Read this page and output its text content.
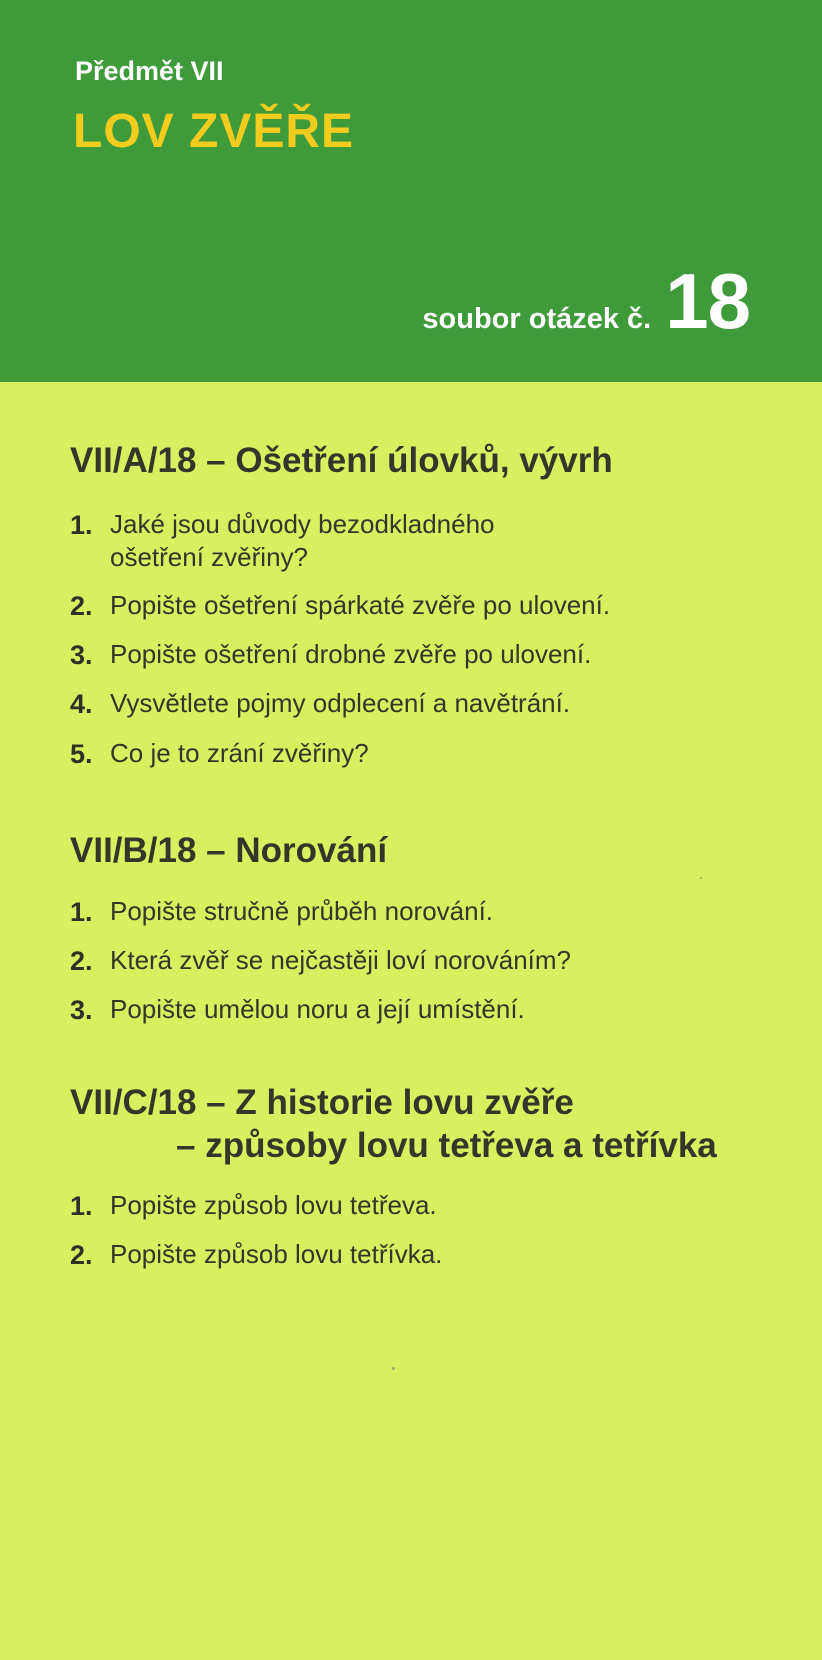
Předmět VII
LOV ZVĚŘE
soubor otázek č. 18
VII/A/18 – Ošetření úlovků, vývrh
1. Jaké jsou důvody bezodkladného ošetření zvěřiny?
2. Popište ošetření spárkaté zvěře po ulovení.
3. Popište ošetření drobné zvěře po ulovení.
4. Vysvětlete pojmy odplecení a navětrání.
5. Co je to zrání zvěřiny?
VII/B/18 – Norování
1. Popište stručně průběh norování.
2. Která zvěř se nejčastěji loví norováním?
3. Popište umělou noru a její umístění.
VII/C/18 – Z historie lovu zvěře
– způsoby lovu tetřeva a tetřívka
1. Popište způsob lovu tetřeva.
2. Popište způsob lovu tetřívka.
